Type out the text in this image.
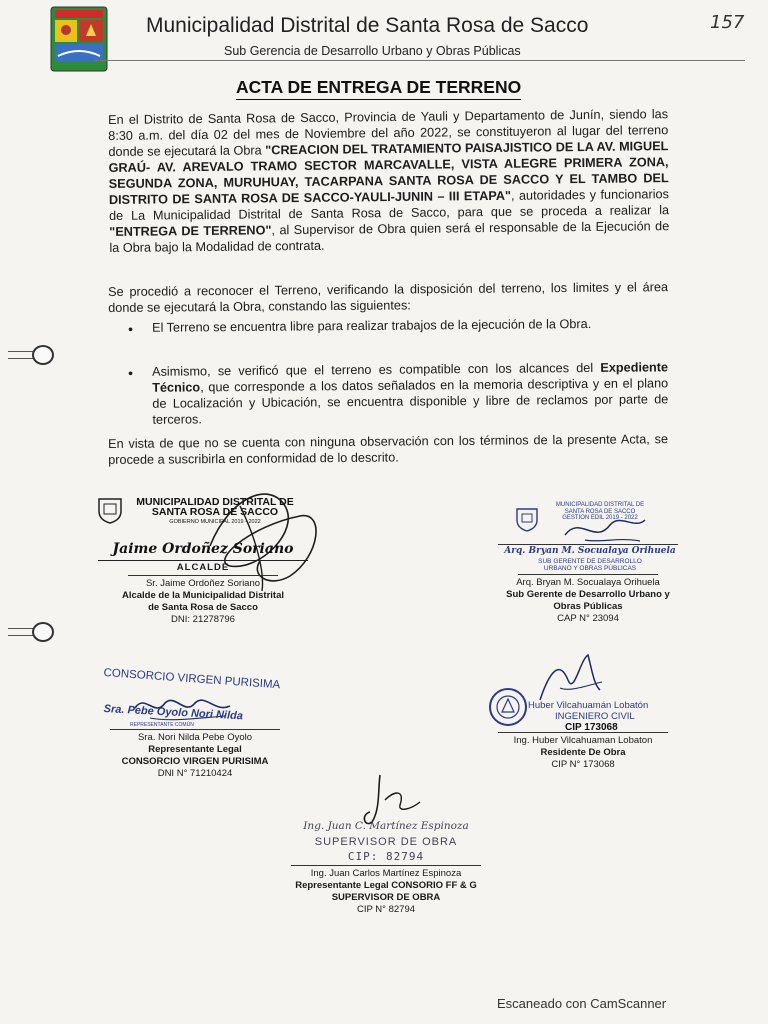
Municipalidad Distrital de Santa Rosa de Sacco
Sub Gerencia de Desarrollo Urbano y Obras Públicas
157
ACTA DE ENTREGA DE TERRENO
En el Distrito de Santa Rosa de Sacco, Provincia de Yauli y Departamento de Junín, siendo las 8:30 a.m. del día 02 del mes de Noviembre del año 2022, se constituyeron al lugar del terreno donde se ejecutará la Obra "CREACION DEL TRATAMIENTO PAISAJISTICO DE LA AV. MIGUEL GRAÚ- AV. AREVALO TRAMO SECTOR MARCAVALLE, VISTA ALEGRE PRIMERA ZONA, SEGUNDA ZONA, MURUHUAY, TACARPANA SANTA ROSA DE SACCO Y EL TAMBO DEL DISTRITO DE SANTA ROSA DE SACCO-YAULI-JUNIN – III ETAPA", autoridades y funcionarios de La Municipalidad Distrital de Santa Rosa de Sacco, para que se proceda a realizar la "ENTREGA DE TERRENO", al Supervisor de Obra quien será el responsable de la Ejecución de la Obra bajo la Modalidad de contrata.
Se procedió a reconocer el Terreno, verificando la disposición del terreno, los limites y el área donde se ejecutará la Obra, constando las siguientes:
• El Terreno se encuentra libre para realizar trabajos de la ejecución de la Obra.
• Asimismo, se verificó que el terreno es compatible con los alcances del Expediente Técnico, que corresponde a los datos señalados en la memoria descriptiva y en el plano de Localización y Ubicación, se encuentra disponible y libre de reclamos por parte de terceros.
En vista de que no se cuenta con ninguna observación con los términos de la presente Acta, se procede a suscribirla en conformidad de lo descrito.
MUNICIPALIDAD DISTRITAL DE
SANTA ROSA DE SACCO
GOBIERNO MUNICIPAL 2019 - 2022
Jaime Ordoñez Soriano
ALCALDE
Sr. Jaime Ordoñez Soriano
Alcalde de la Municipalidad Distrital
de Santa Rosa de Sacco
DNI: 21278796
MUNICIPALIDAD DISTRITAL DE
SANTA ROSA DE SACCO
GESTION EDIL 2019 - 2022
Arq. Bryan M. Socualaya Orihuela
SUB GERENTE DE DESARROLLO
URBANO Y OBRAS PÚBLICAS
Arq. Bryan M. Socualaya Orihuela
Sub Gerente de Desarrollo Urbano y
Obras Públicas
CAP N° 23094
CONSORCIO VIRGEN PURISIMA
Sra. Pebe Oyolo Nori Nilda
REPRESENTANTE COMÚN
Sra. Nori Nilda Pebe Oyolo
Representante Legal
CONSORCIO VIRGEN PURISIMA
DNI N° 71210424
Huber Vilcahuamán Lobatón
INGENIERO CIVIL
CIP 173068
Ing. Huber Vilcahuaman Lobaton
Residente De Obra
CIP N° 173068
Ing. Juan C. Martínez Espinoza
SUPERVISOR DE OBRA
CIP: 82794
Ing. Juan Carlos Martínez Espinoza
Representante Legal CONSORIO FF & G
SUPERVISOR DE OBRA
CIP N° 82794
Escaneado con CamScanner
